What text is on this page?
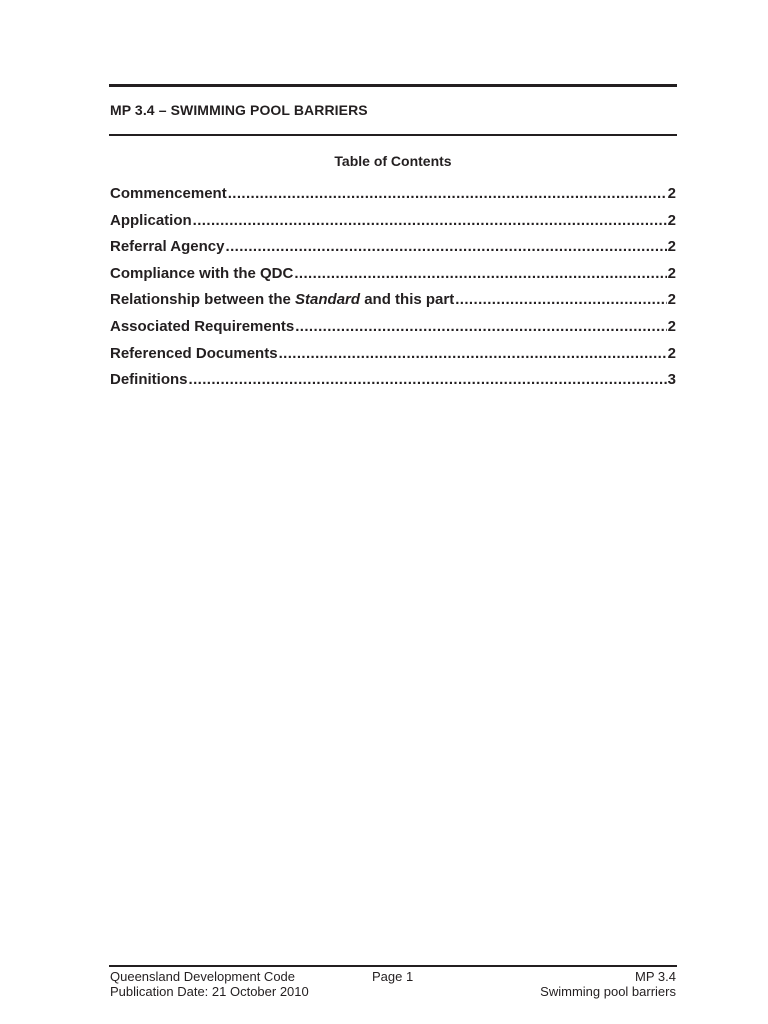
MP 3.4 – SWIMMING POOL BARRIERS
Table of Contents
Commencement .....	2
Application .....	2
Referral Agency .....	2
Compliance with the QDC .....	2
Relationship between the Standard and this part .....	2
Associated Requirements .....	2
Referenced Documents .....	2
Definitions .....	3
Queensland Development Code
Publication Date: 21 October 2010
Page 1	MP 3.4
Swimming pool barriers
